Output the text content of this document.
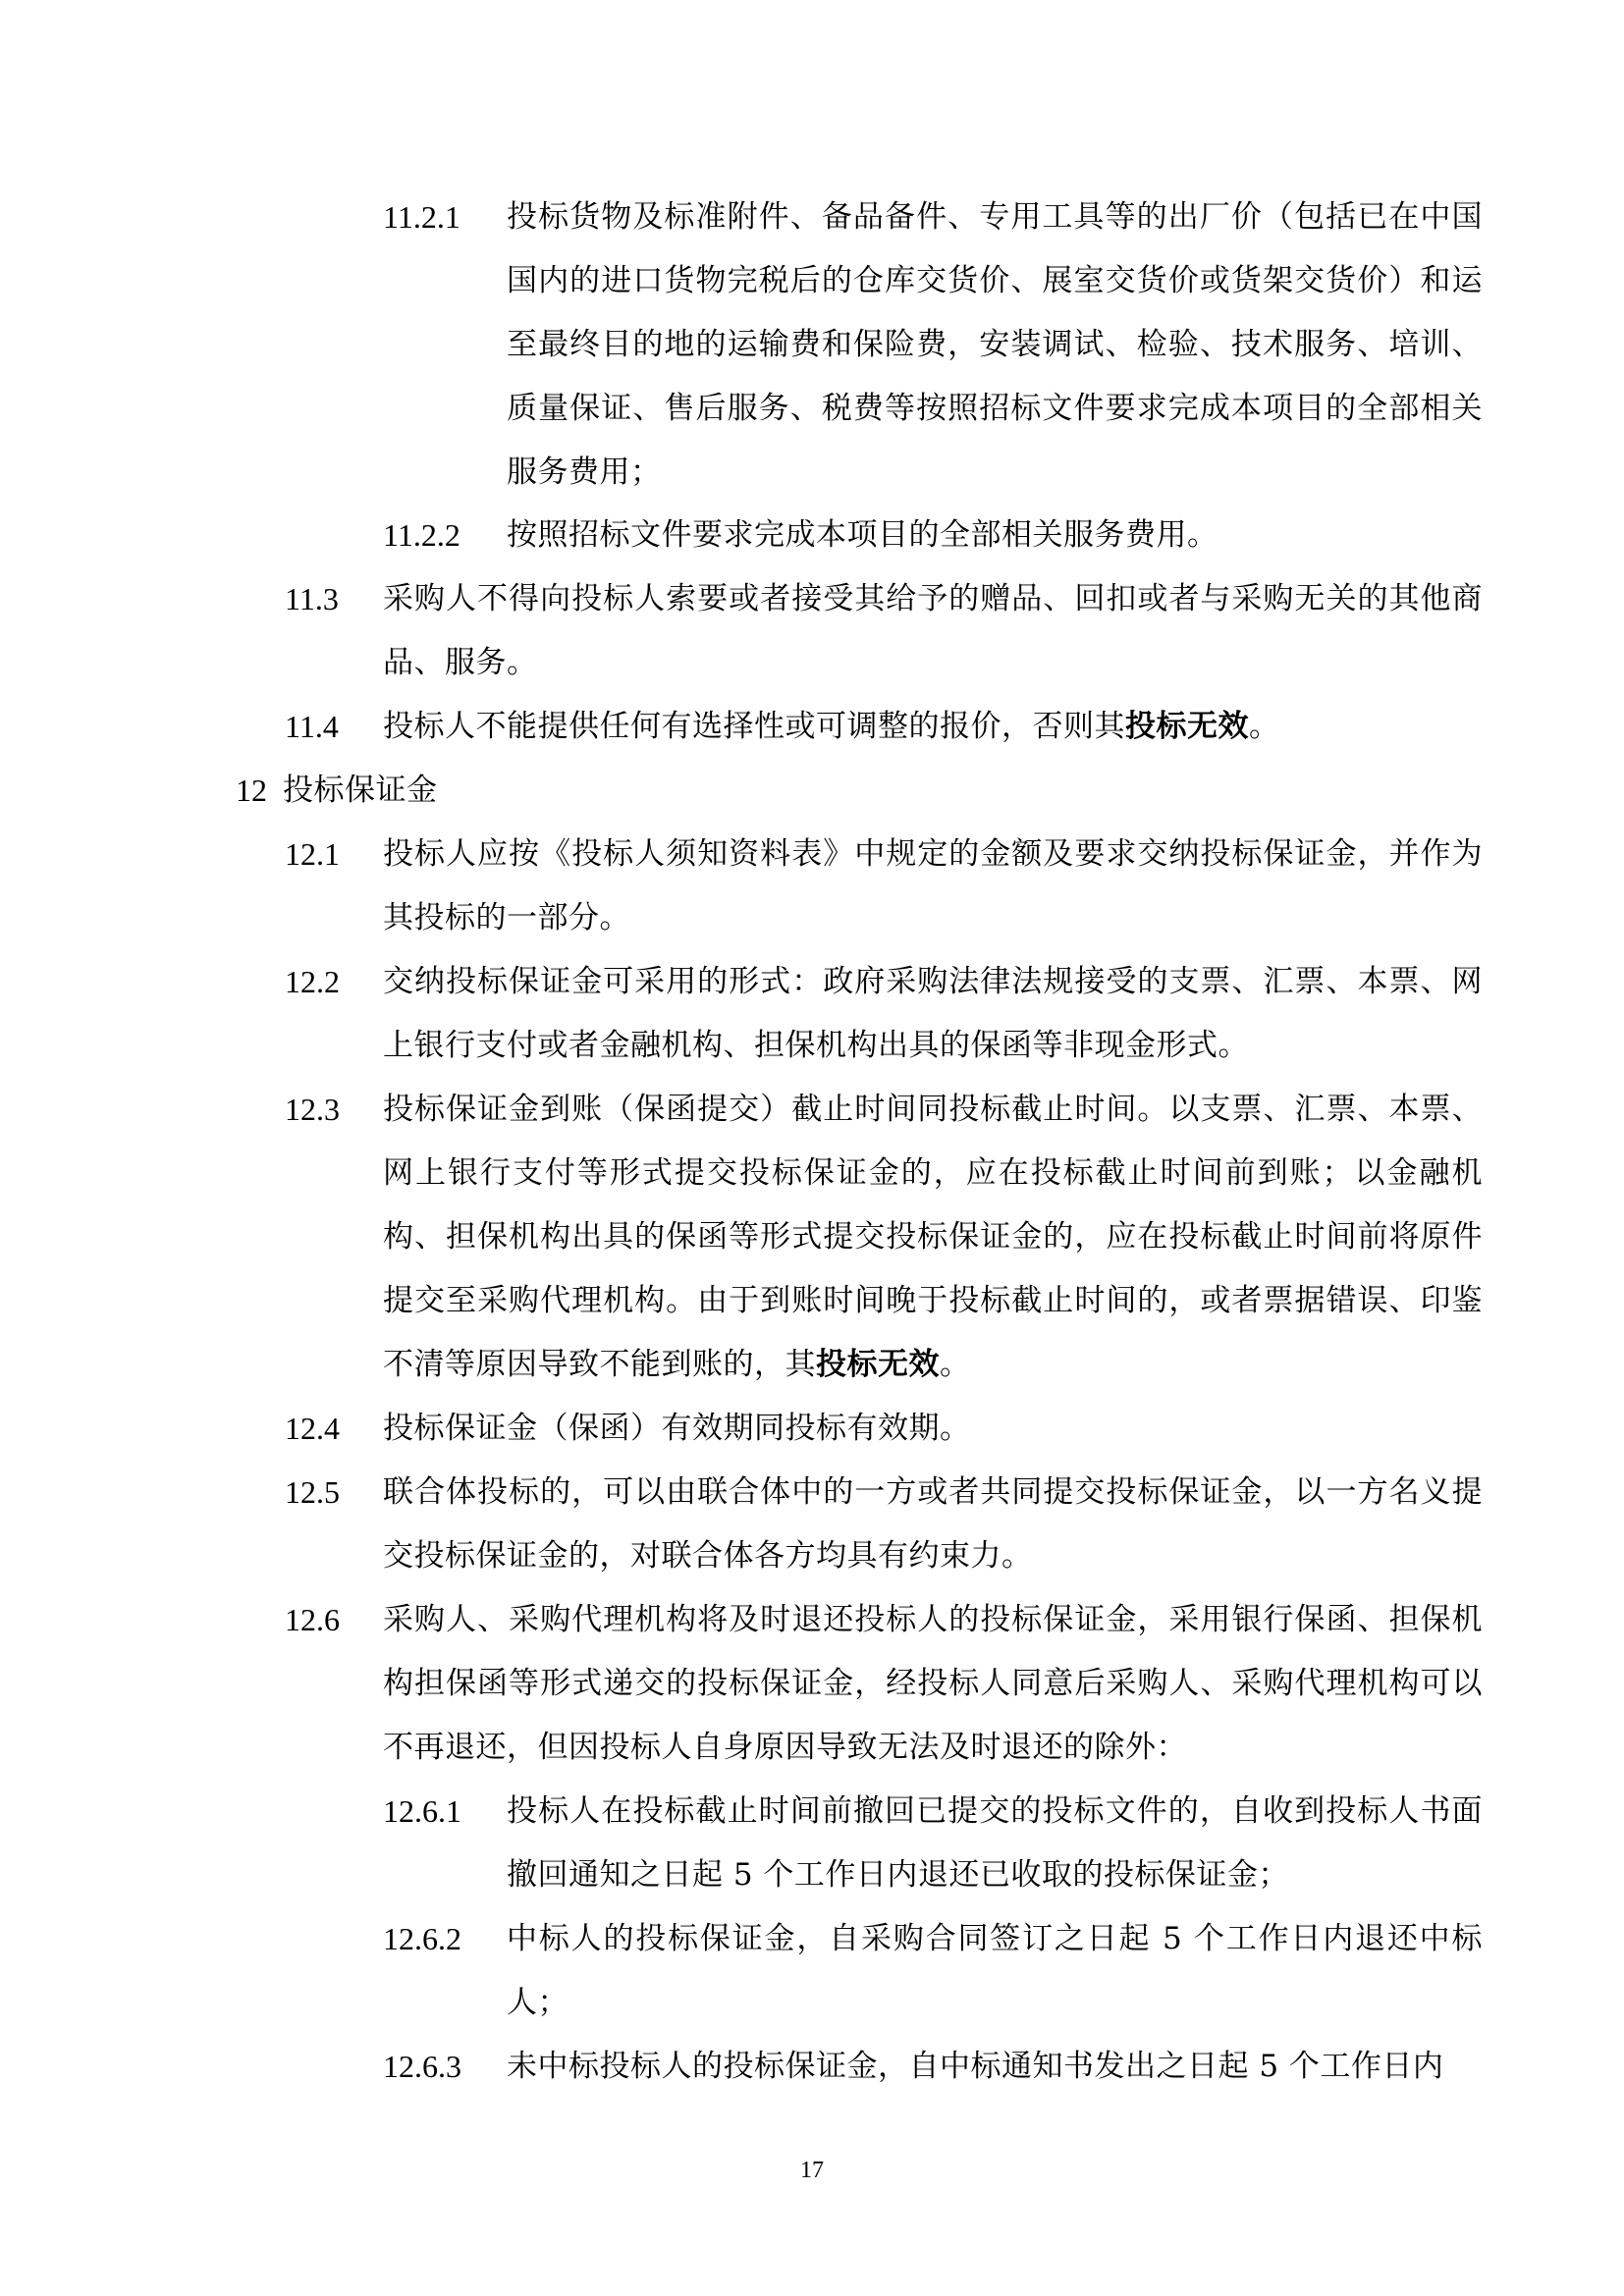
11.2.1 投标货物及标准附件、备品备件、专用工具等的出厂价（包括已在中国国内的进口货物完税后的仓库交货价、展室交货价或货架交货价）和运至最终目的地的运输费和保险费，安装调试、检验、技术服务、培训、质量保证、售后服务、税费等按照招标文件要求完成本项目的全部相关服务费用；
11.2.2 按照招标文件要求完成本项目的全部相关服务费用。
11.3 采购人不得向投标人索要或者接受其给予的赠品、回扣或者与采购无关的其他商品、服务。
11.4 投标人不能提供任何有选择性或可调整的报价，否则其投标无效。
12 投标保证金
12.1 投标人应按《投标人须知资料表》中规定的金额及要求交纳投标保证金，并作为其投标的一部分。
12.2 交纳投标保证金可采用的形式：政府采购法律法规接受的支票、汇票、本票、网上银行支付或者金融机构、担保机构出具的保函等非现金形式。
12.3 投标保证金到账（保函提交）截止时间同投标截止时间。以支票、汇票、本票、网上银行支付等形式提交投标保证金的，应在投标截止时间前到账；以金融机构、担保机构出具的保函等形式提交投标保证金的，应在投标截止时间前将原件提交至采购代理机构。由于到账时间晚于投标截止时间的，或者票据错误、印鉴不清等原因导致不能到账的，其投标无效。
12.4 投标保证金（保函）有效期同投标有效期。
12.5 联合体投标的，可以由联合体中的一方或者共同提交投标保证金，以一方名义提交投标保证金的，对联合体各方均具有约束力。
12.6 采购人、采购代理机构将及时退还投标人的投标保证金，采用银行保函、担保机构担保函等形式递交的投标保证金，经投标人同意后采购人、采购代理机构可以不再退还，但因投标人自身原因导致无法及时退还的除外：
12.6.1 投标人在投标截止时间前撤回已提交的投标文件的，自收到投标人书面撤回通知之日起 5 个工作日内退还已收取的投标保证金；
12.6.2 中标人的投标保证金，自采购合同签订之日起 5 个工作日内退还中标人；
12.6.3 未中标投标人的投标保证金，自中标通知书发出之日起 5 个工作日内
17
